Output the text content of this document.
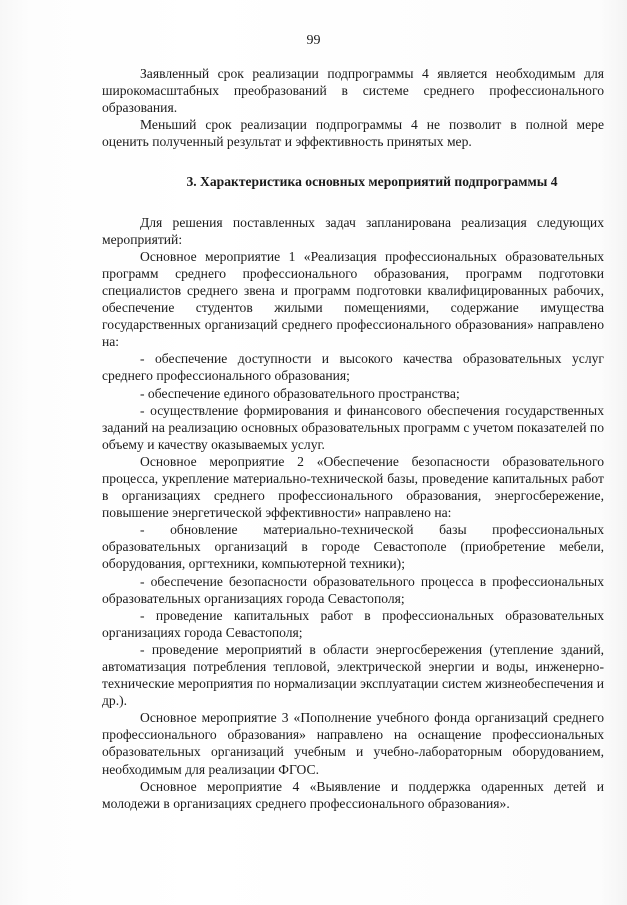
99

Заявленный срок реализации подпрограммы 4 является необходимым для широкомасштабных преобразований в системе среднего профессионального образования.

Меньший срок реализации подпрограммы 4 не позволит в полной мере оценить полученный результат и эффективность принятых мер.

3. Характеристика основных мероприятий подпрограммы 4

Для решения поставленных задач запланирована реализация следующих мероприятий:

Основное мероприятие 1 «Реализация профессиональных образовательных программ среднего профессионального образования, программ подготовки специалистов среднего звена и программ подготовки квалифицированных рабочих, обеспечение студентов жилыми помещениями, содержание имущества государственных организаций среднего профессионального образования» направлено на:

- обеспечение доступности и высокого качества образовательных услуг среднего профессионального образования;

- обеспечение единого образовательного пространства;

- осуществление формирования и финансового обеспечения государственных заданий на реализацию основных образовательных программ с учетом показателей по объему и качеству оказываемых услуг.

Основное мероприятие 2 «Обеспечение безопасности образовательного процесса, укрепление материально-технической базы, проведение капитальных работ в организациях среднего профессионального образования, энергосбережение, повышение энергетической эффективности» направлено на:

- обновление материально-технической базы профессиональных образовательных организаций в городе Севастополе (приобретение мебели, оборудования, оргтехники, компьютерной техники);

- обеспечение безопасности образовательного процесса в профессиональных образовательных организациях города Севастополя;

- проведение капитальных работ в профессиональных образовательных организациях города Севастополя;

- проведение мероприятий в области энергосбережения (утепление зданий, автоматизация потребления тепловой, электрической энергии и воды, инженерно-технические мероприятия по нормализации эксплуатации систем жизнеобеспечения и др.).

Основное мероприятие 3 «Пополнение учебного фонда организаций среднего профессионального образования» направлено на оснащение профессиональных образовательных организаций учебным и учебно-лабораторным оборудованием, необходимым для реализации ФГОС.

Основное мероприятие 4 «Выявление и поддержка одаренных детей и молодежи в организациях среднего профессионального образования».
